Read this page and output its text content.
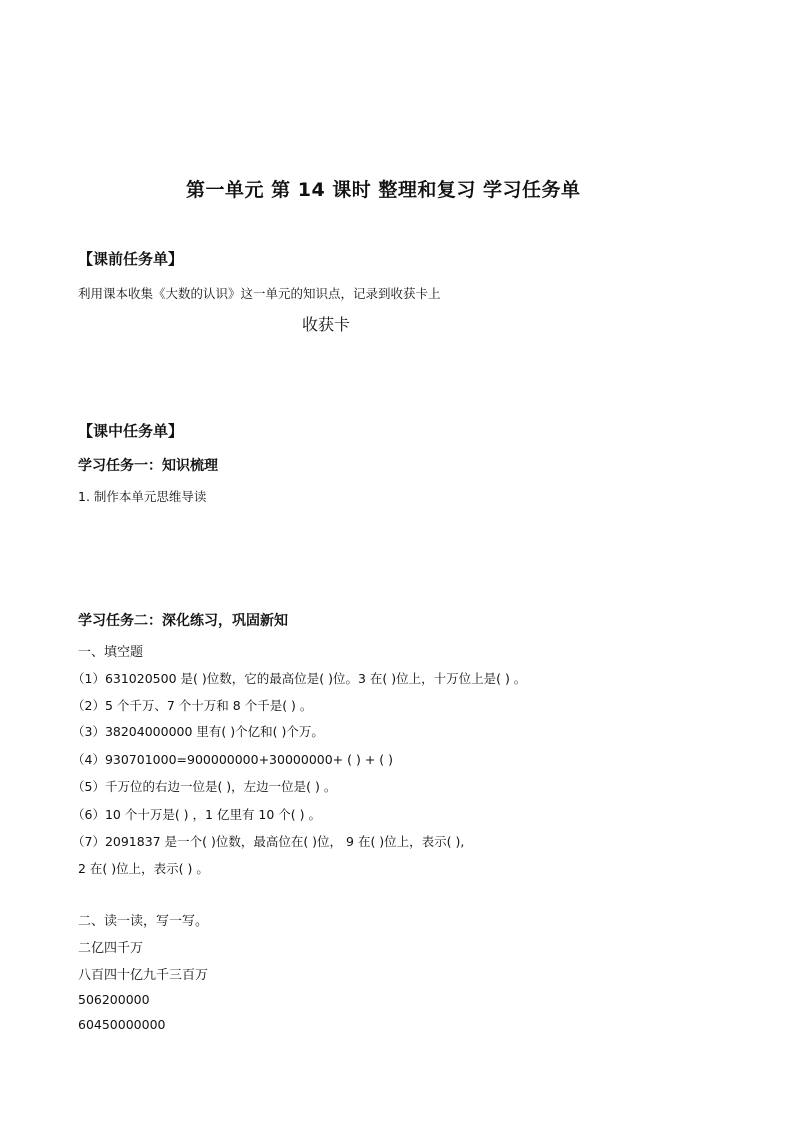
第一单元 第 14 课时 整理和复习 学习任务单
【课前任务单】
利用课本收集《大数的认识》这一单元的知识点，记录到收获卡上
收获卡
【课中任务单】
学习任务一：知识梳理
1. 制作本单元思维导读
学习任务二：深化练习，巩固新知
一、填空题
（1）631020500 是( )位数，它的最高位是( )位。3 在( )位上，十万位上是( ) 。
（2）5 个千万、7 个十万和 8 个千是( ) 。
（3）38204000000 里有( )个亿和( )个万。
（4）930701000=900000000+30000000+ ( ) + ( )
（5）千万位的右边一位是( )，左边一位是( ) 。
（6）10 个十万是( ) ，1 亿里有 10 个( ) 。
（7）2091837 是一个( )位数，最高位在( )位， 9 在( )位上，表示( ),
2 在( )位上，表示( ) 。
二、读一读，写一写。
二亿四千万
八百四十亿九千三百万
506200000
60450000000
